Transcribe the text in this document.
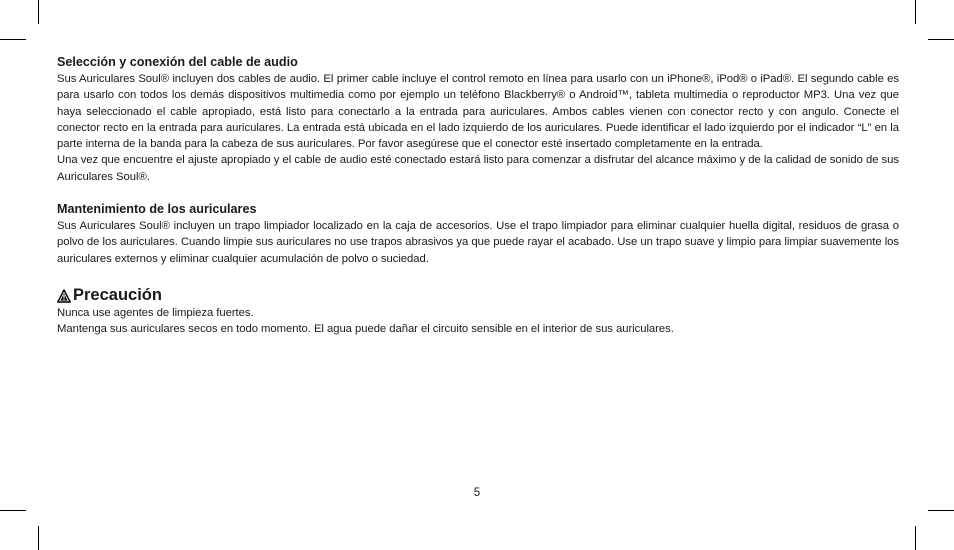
Selección y conexión del cable de audio

Sus Auriculares Soul® incluyen dos cables de audio. El primer cable incluye el control remoto en línea para usarlo con un iPhone®, iPod® o iPad®. El segundo cable es para usarlo con todos los demás dispositivos multimedia como por ejemplo un teléfono Blackberry® o Android™, tableta multimedia o reproductor MP3. Una vez que haya seleccionado el cable apropiado, está listo para conectarlo a la entrada para auriculares. Ambos cables vienen con conector recto y con angulo. Conecte el conector recto en la entrada para auriculares. La entrada está ubicada en el lado izquierdo de los auriculares. Puede identificar el lado izquierdo por el indicador “L” en la parte interna de la banda para la cabeza de sus auriculares. Por favor asegúrese que el conector esté insertado completamente en la entrada.

Una vez que encuentre el ajuste apropiado y el cable de audio esté conectado estará listo para comenzar a disfrutar del alcance máximo y de la calidad de sonido de sus Auriculares Soul®.

Mantenimiento de los auriculares

Sus Auriculares Soul® incluyen un trapo limpiador localizado en la caja de accesorios. Use el trapo limpiador para eliminar cualquier huella digital, residuos de grasa o polvo de los auriculares. Cuando limpie sus auriculares no use trapos abrasivos ya que puede rayar el acabado. Use un trapo suave y limpio para limpiar suavemente los auriculares externos y eliminar cualquier acumulación de polvo o suciedad.

Precaución

Nunca use agentes de limpieza fuertes.

Mantenga sus auriculares secos en todo momento. El agua puede dañar el circuito sensible en el interior de sus auriculares.

5
